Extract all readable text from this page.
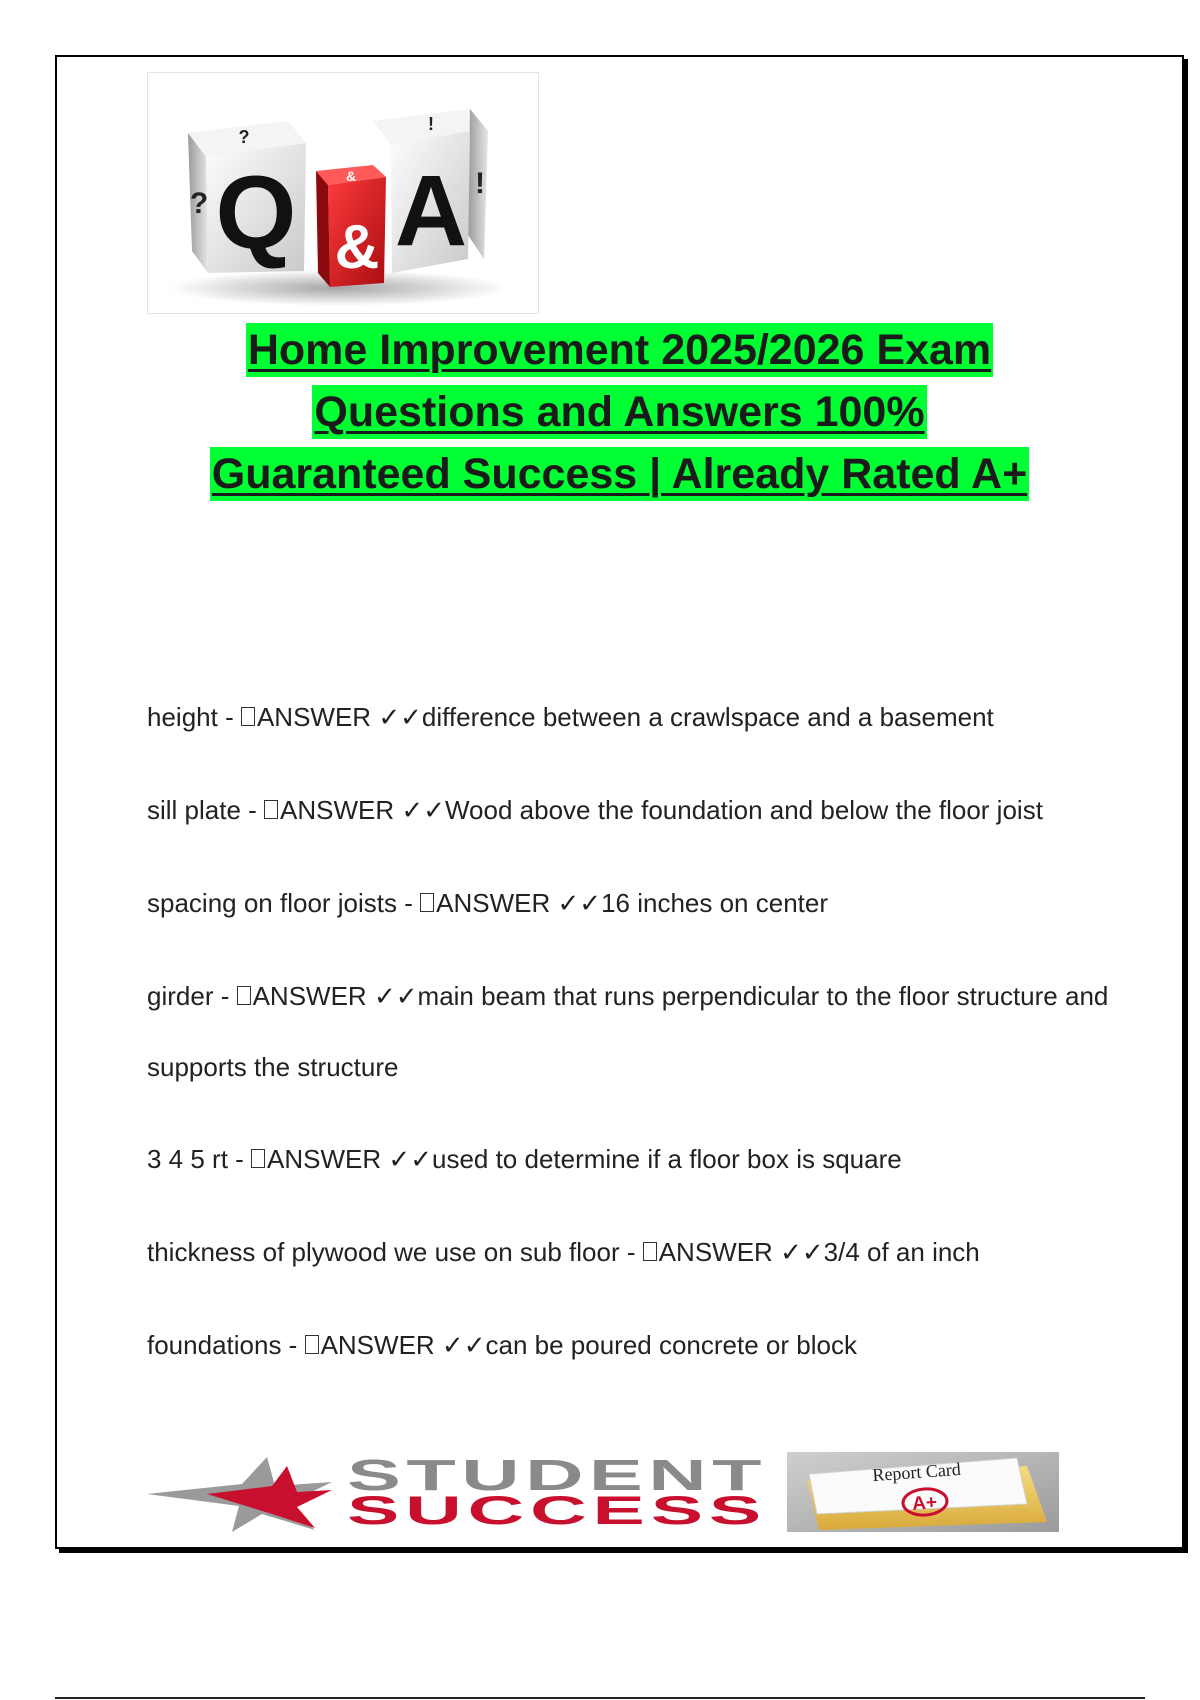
Q
?
? A
!
!
&
&
Home Improvement 2025/2026 Exam
Questions and Answers 100%
Guaranteed Success | Already Rated A+
height - ANSWER ✓✓difference between a crawlspace and a basement
sill plate - ANSWER ✓✓Wood above the foundation and below the floor joist
spacing on floor joists - ANSWER ✓✓16 inches on center
girder - ANSWER ✓✓main beam that runs perpendicular to the floor structure and supports the structure
3 4 5 rt - ANSWER ✓✓used to determine if a floor box is square
thickness of plywood we use on sub floor - ANSWER ✓✓3/4 of an inch
foundations - ANSWER ✓✓can be poured concrete or block
STUDENT
SUCCESS
Report Card
A+
